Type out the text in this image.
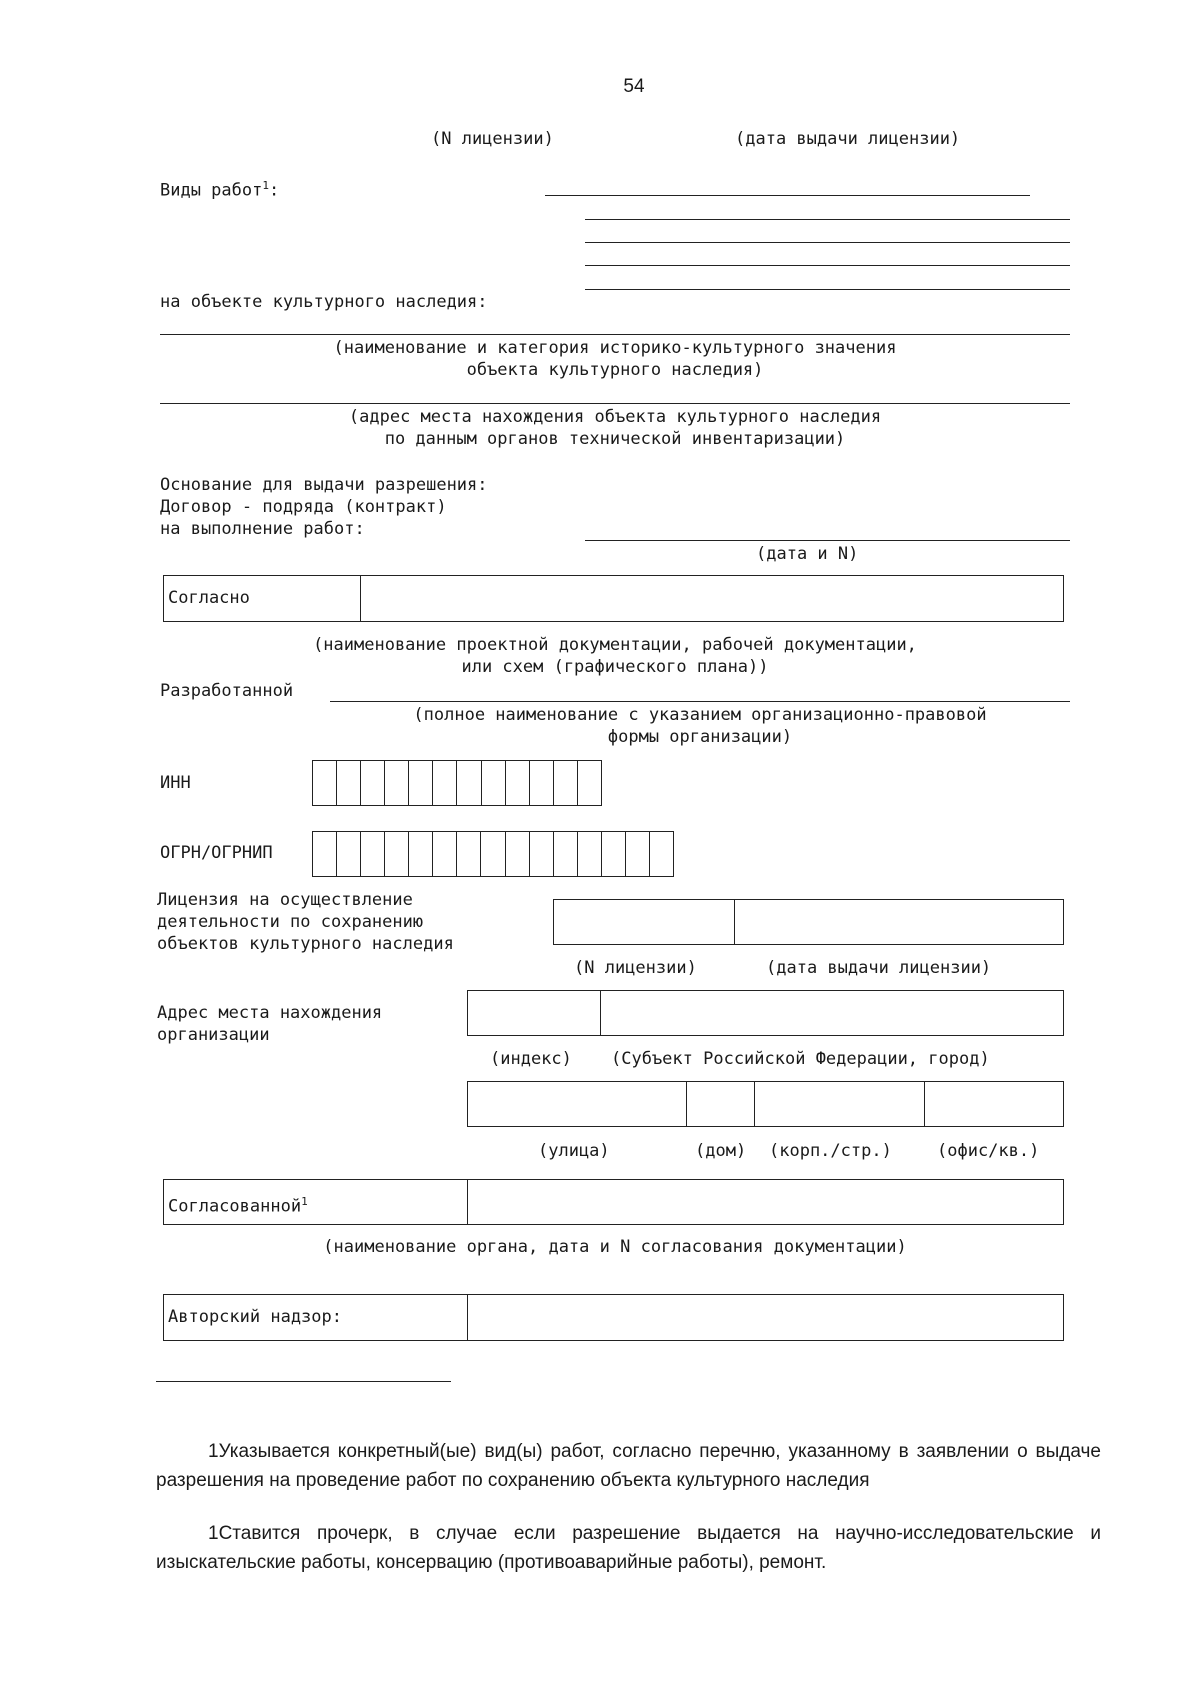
54
(N лицензии)	(дата выдачи лицензии)
Виды работ$^1$:
на объекте культурного наследия:
(наименование и категория историко-культурного значения
объекта культурного наследия)
(адрес места нахождения объекта культурного наследия
по данным органов технической инвентаризации)
Основание для выдачи разрешения:
Договор - подряда (контракт)
на выполнение работ:
(дата и N)
Согласно
(наименование проектной документации, рабочей документации,
или схем (графического плана))
Разработанной
(полное наименование с указанием организационно-правовой
формы организации)
ИНН
ОГРН/ОГРНИП
Лицензия на осуществление
деятельности по сохранению
объектов культурного наследия
(N лицензии)	(дата выдачи лицензии)
Адрес места нахождения
организации
(индекс) (Субъект Российской Федерации, город)
(улица)	(дом) (корп./стр.)	(офис/кв.)
Согласованной$^1$
(наименование органа, дата и N согласования документации)
Авторский надзор:
1Указывается конкретный(ые) вид(ы) работ, согласно перечню, указанному в заявлении о выдаче разрешения на проведение работ по сохранению объекта культурного наследия
1Ставится прочерк, в случае если разрешение выдается на научно-исследовательские и изыскательские работы, консервацию (противоаварийные работы), ремонт.
